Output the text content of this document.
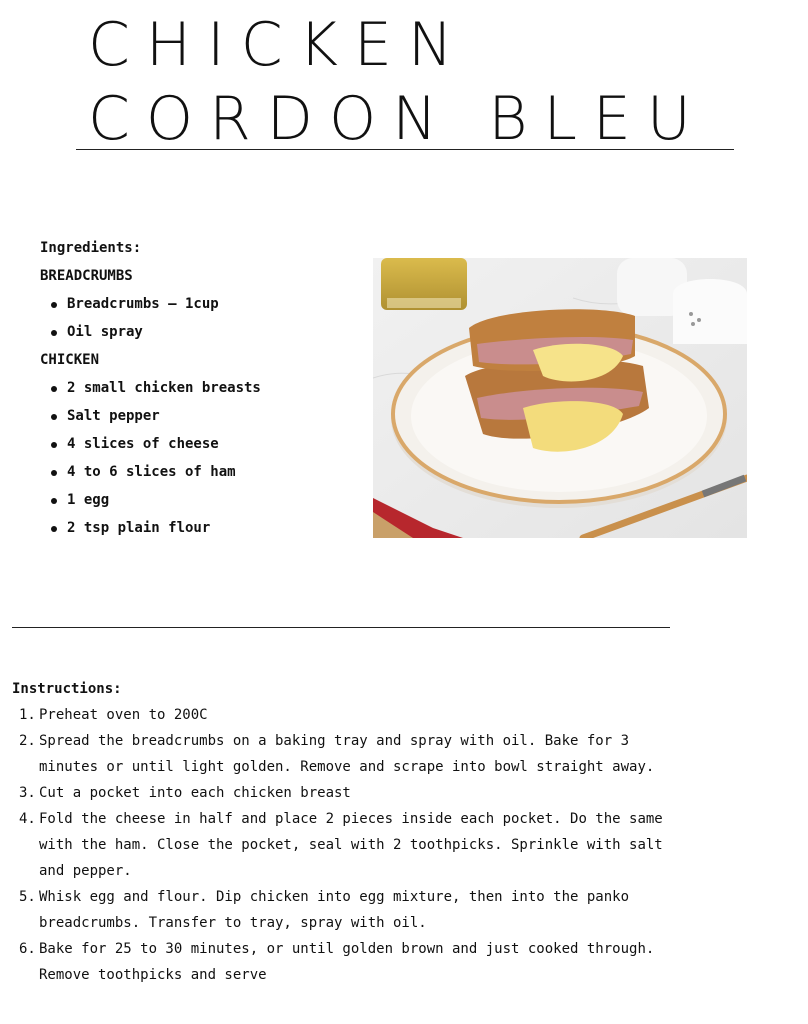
CHICKEN
CORDON BLEU
Ingredients:
BREADCRUMBS
Breadcrumbs – 1cup
Oil spray
CHICKEN
2 small chicken breasts
Salt pepper
4 slices of cheese
4 to 6 slices of ham
1 egg
2 tsp plain flour
Instructions:
1. Preheat oven to 200C
2. Spread the breadcrumbs on a baking tray and spray with oil. Bake for 3 minutes or until light golden. Remove and scrape into bowl straight away.
3. Cut a pocket into each chicken breast
4. Fold the cheese in half and place 2 pieces inside each pocket. Do the same with the ham. Close the pocket, seal with 2 toothpicks. Sprinkle with salt and pepper.
5. Whisk egg and flour. Dip chicken into egg mixture, then into the panko breadcrumbs. Transfer to tray, spray with oil.
6. Bake for 25 to 30 minutes, or until golden brown and just cooked through. Remove toothpicks and serve
